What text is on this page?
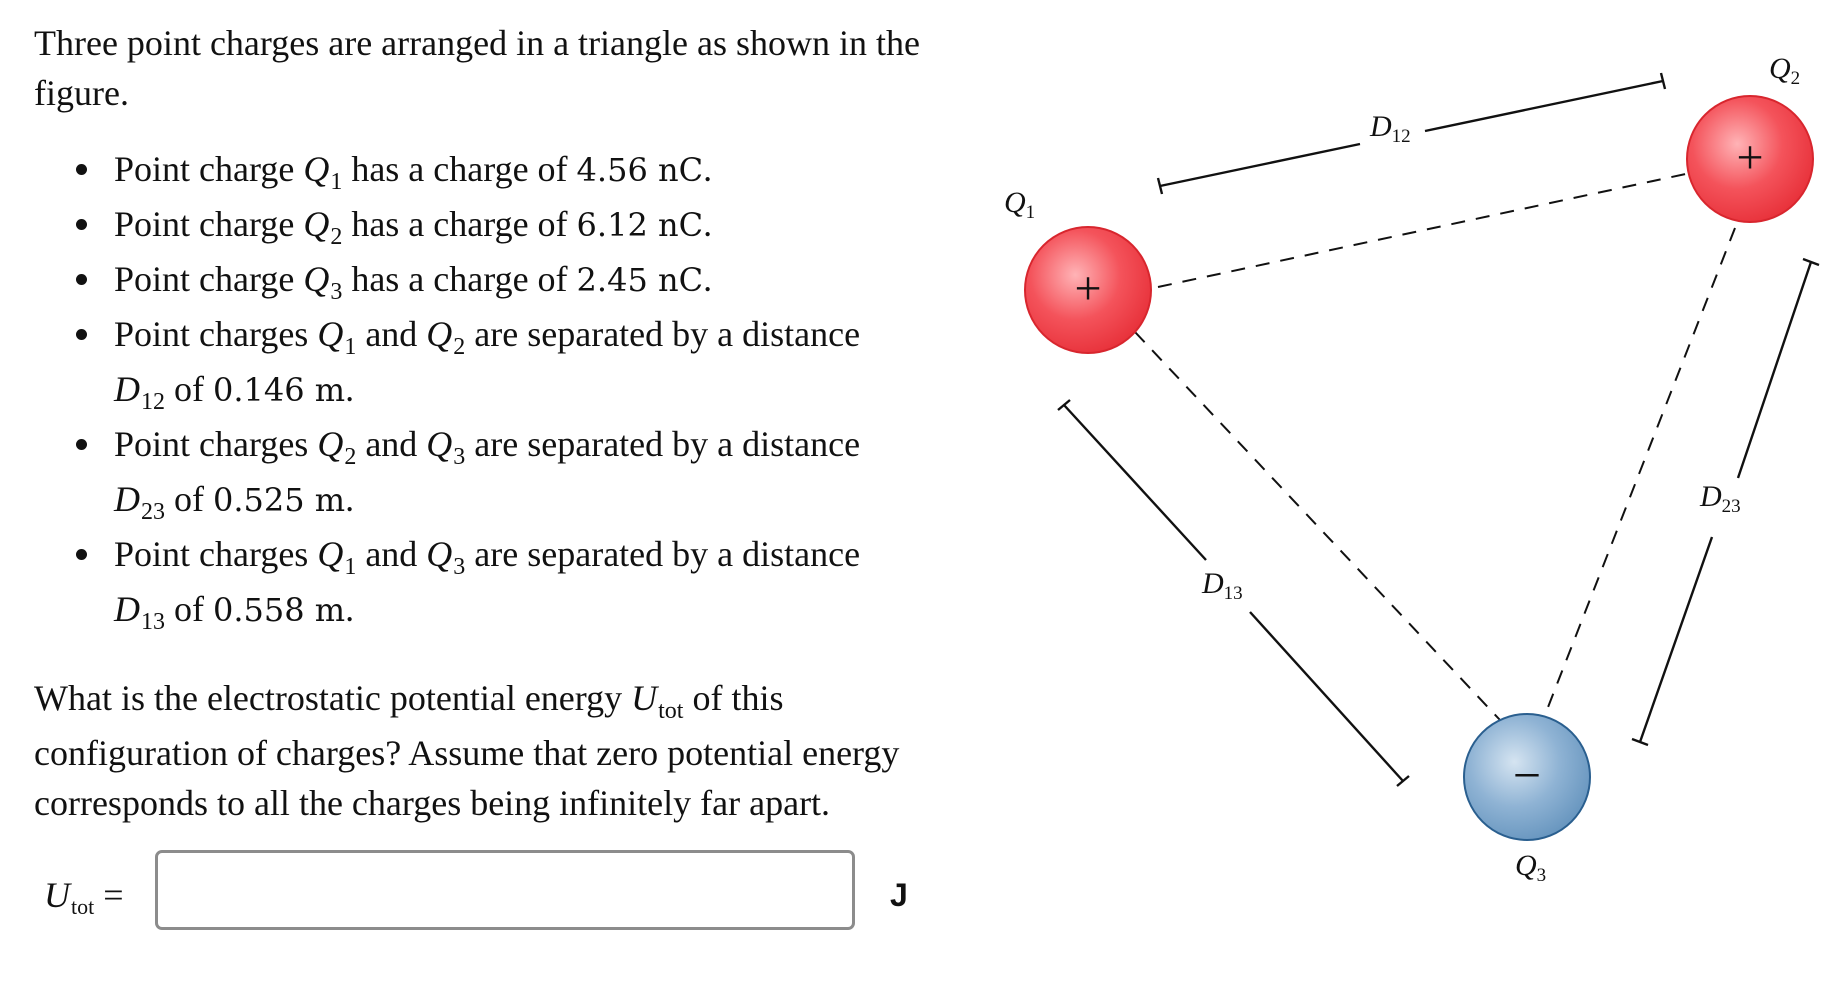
Three point charges are arranged in a triangle as shown in the figure.

Point charge $Q_1$ has a charge of 4.56 nC.
Point charge $Q_2$ has a charge of 6.12 nC.
Point charge $Q_3$ has a charge of 2.45 nC.
Point charges $Q_1$ and $Q_2$ are separated by a distance
$D_{12}$ of 0.146 m.
Point charges $Q_2$ and $Q_3$ are separated by a distance
$D_{23}$ of 0.525 m.
Point charges $Q_1$ and $Q_3$ are separated by a distance
$D_{13}$ of 0.558 m.

What is the electrostatic potential energy $U_{tot}$ of this configuration of charges? Assume that zero potential energy corresponds to all the charges being infinitely far apart.

Utot =	J
+
$Q_1$
+
$Q_2$
−
$Q_3$
$D_{12}$
$D_{13}$
$D_{23}$
